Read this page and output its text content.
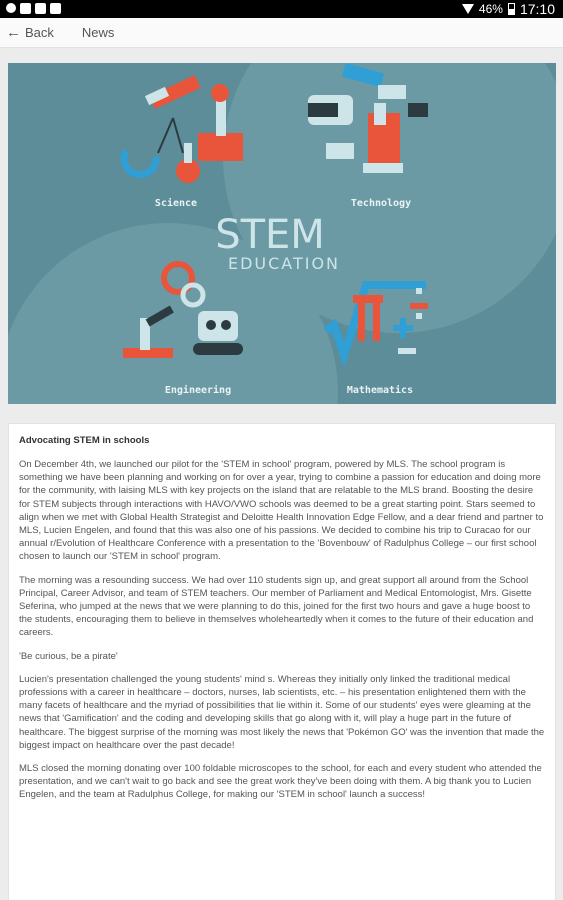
46% 17:10
← Back News
Science	Technology
STEM
EDUCATION
Engineering	Mathematics
Advocating STEM in schools

On December 4th, we launched our pilot for the 'STEM in school' program, powered by MLS. The school program is something we have been planning and working on for over a year, trying to combine a passion for education and doing more for the community, with laising MLS with key projects on the island that are relatable to the MLS brand. Boosting the desire for STEM subjects through interactions with HAVO/VWO schools was deemed to be a great starting point. Stars seemed to align when we met with Global Health Strategist and Deloitte Health Innovation Edge Fellow, and a dear friend and partner to MLS, Lucien Engelen, and found that this was also one of his passions. We decided to combine his trip to Curacao for our annual r/Evolution of Healthcare Conference with a presentation to the 'Bovenbouw' of Radulphus College – our first school chosen to launch our 'STEM in school' program.

The morning was a resounding success. We had over 110 students sign up, and great support all around from the School Principal, Career Advisor, and team of STEM teachers. Our member of Parliament and Medical Entomologist, Mrs. Gisette Seferina, who jumped at the news that we were planning to do this, joined for the first two hours and gave a huge boost to the students, encouraging them to believe in themselves wholeheartedly when it comes to the future of their education and careers.

'Be curious, be a pirate'

Lucien's presentation challenged the young students' mind s. Whereas they initially only linked the traditional medical professions with a career in healthcare – doctors, nurses, lab scientists, etc. – his presentation enlightened them with the many facets of healthcare and the myriad of possibilities that lie within it. Some of our students' eyes were gleaming at the news that 'Gamification' and the coding and developing skills that go along with it, will play a huge part in the future of healthcare. The biggest surprise of the morning was most likely the news that 'Pokémon GO' was the invention that made the biggest impact on healthcare over the past decade!

MLS closed the morning donating over 100 foldable microscopes to the school, for each and every student who attended the presentation, and we can't wait to go back and see the great work they've been doing with them. A big thank you to Lucien Engelen, and the team at Radulphus College, for making our 'STEM in school' launch a success!
